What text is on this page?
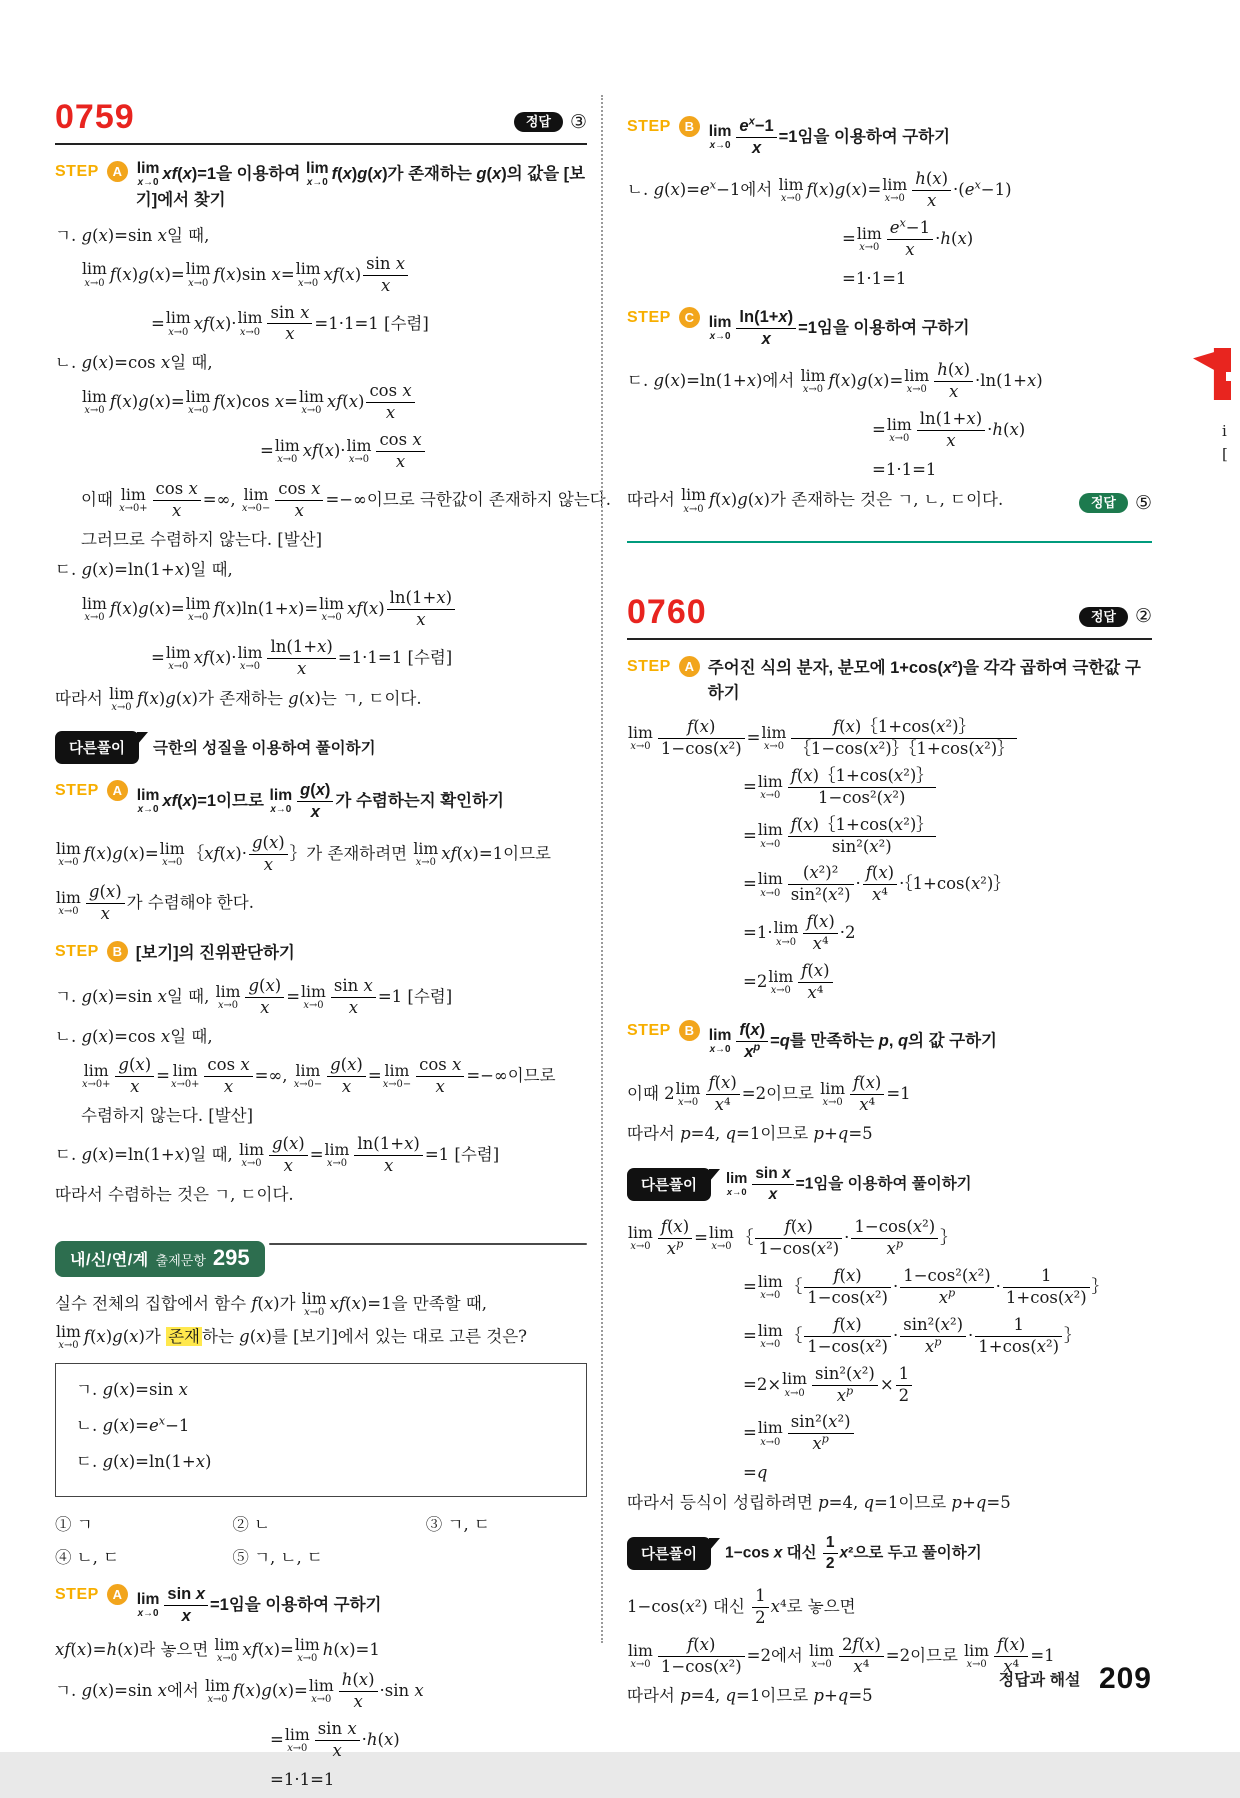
0759	정답	③
STEP	A lim
x→0 xf(x)=1을 이용하여 lim
x→0 f(x)g(x)가 존재하는 g(x)의 값을 [보기]에서 찾기
ㄱ. g(x)=sin x일 때,
lim
x→0 f(x)g(x)= lim
x→0 f(x)sin x= lim
x→0 $xf(x) \frac{\text{sin x}}{x}$
= lim
x→0 xf(x)· lim
$x\to 0 \frac{\text{sin x}}{x} =1\cdot 1=1$ [수렴]
ㄴ. g(x)=cos x일 때,
lim
x→0 f(x)g(x)= lim
x→0 f(x)cos x= lim
x→0 $xf(x) \frac{\text{cos x}}{x}$
= lim
x→0 xf(x)· lim
$x\to 0 \frac{\text{cos x}}{x}$
이때 lim
$x\to 0+ \frac{\text{cos x}}{x}$ =∞, lim
$x\to 0- \frac{\text{cos x}}{x}$ =−∞이므로 극한값이 존재하지 않는다.
그러므로 수렴하지 않는다. [발산]
ㄷ. g(x)=ln(1+x)일 때,
lim
x→0 f(x)g(x)= lim
x→0 f(x)ln(1+x)= lim
x→0 $xf(x) \frac{\ln(1+x)}{x}$
= lim
x→0 xf(x)· lim
$x\to 0 \frac{\ln(1+x)}{x} =1\cdot 1=1$ [수렴]
따라서 lim
x→0 f(x)g(x)가 존재하는 g(x)는 ㄱ, ㄷ이다.
다른풀이	극한의 성질을 이용하여 풀이하기
STEP	A lim
x→0 xf(x)=1이므로 lim
$x\to 0 \frac{g(x)}{x}$ 가 수렴하는지 확인하기
lim
x→0 f(x)g(x)= lim
x→0 ｛xf(x)· $\frac{g(x)}{x}$ ｝가 존재하려면 lim
x→0 xf(x)=1이므로
lim
$x\to 0 \frac{g(x)}{x}$ 가 수렴해야 한다.
STEP	B [보기]의 진위판단하기
ㄱ. g(x)=sin x일 때, lim
$x\to 0 \frac{g(x)}{x} = \lim$
$x\to 0 \frac{\text{sin x}}{x} =1$ [수렴]
ㄴ. g(x)=cos x일 때,
lim
$x\to 0+ \frac{g(x)}{x} = \lim$
$x\to 0+ \frac{\text{cos x}}{x}$ =∞, lim
$x\to 0- \frac{g(x)}{x} = \lim$
$x\to 0- \frac{\text{cos x}}{x}$ =−∞이므로
수렴하지 않는다. [발산]
ㄷ. g(x)=ln(1+x)일 때, lim
$x\to 0 \frac{g(x)}{x} = \lim$
$x\to 0 \frac{\ln(1+x)}{x} =1$ [수렴]
따라서 수렴하는 것은 ㄱ, ㄷ이다.
내/신/연/계 출제문항 295
실수 전체의 집합에서 함수 f(x)가 lim
x→0 xf(x)=1을 만족할 때,
lim
x→0 f(x)g(x)가 존재 하는 g(x)를 [보기]에서 있는 대로 고른 것은?
ㄱ. g(x)=sin x
ㄴ. $g(x)=e^x-1$
ㄷ. g(x)=ln(1+x)
① ㄱ	② ㄴ	③ ㄱ, ㄷ
④ ㄴ, ㄷ	⑤ ㄱ, ㄴ, ㄷ
STEP	A lim
$x\to 0 \frac{\text{sin x}}{x} =1$임을 이용하여 구하기
xf(x)=h(x)라 놓으면 lim
x→0 xf(x)= lim
x→0 h(x)=1
ㄱ. g(x)=sin x에서 lim
x→0 f(x)g(x)= lim
$x\to 0 \frac{h(x)}{x} \cdot\sin$ x
= lim
$x\to 0 \frac{\text{sin x}}{x} \cdot h(x)$
=1·1=1
STEP	B lim
$x\to 0 \frac{e^x-1}{x} =1$임을 이용하여 구하기
ㄴ. $g(x)=e^x-1$에서 lim
x→0 f(x)g(x)= lim
$x\to 0 \frac{h(x)}{x} \cdot(e^x-1)$
= lim
$x\to 0 \frac{e^x-1}{x} \cdot h(x)$
=1·1=1
STEP	C lim
$x\to 0 \frac{\ln(1+x)}{x} =1$임을 이용하여 구하기
ㄷ. g(x)=ln(1+x)에서 lim
x→0 f(x)g(x)= lim
$x\to 0 \frac{h(x)}{x} \cdot\ln(1+x)$
= lim
$x\to 0 \frac{\ln(1+x)}{x} \cdot h(x)$
=1·1=1
따라서 lim
x→0 f(x)g(x)가 존재하는 것은 ㄱ, ㄴ, ㄷ이다.	정답	⑤
0760	정답	②
STEP	A 주어진 식의 분자, 분모에 1+cos(x²)을 각각 곱하여 극한값 구하기
lim
$x\to 0 \frac{f(x)}{\text{1−cos(x²)}} = \lim$
$x\to 0 \frac{\text{f(x)｛1+cos(x²)｝}}{\text{｛1−cos(x²)｝｛1+cos(x²)｝}}$
= lim
$x\to 0 \frac{\text{f(x)｛1+cos(x²)｝}}{\text{1−cos²(x²)}}$
= lim
$x\to 0 \frac{\text{f(x)｛1+cos(x²)｝}}{\text{sin²(x²)}}$
= lim
$x\to 0 \frac{\text{(x²)²}}{\text{sin²(x²)}} \cdot \frac{f(x)}{\text{x⁴}}$ ·｛1+cos(x²)｝
=1· lim
$x\to 0 \frac{f(x)}{\text{x⁴}} \cdot 2$
=2 lim
$x\to 0 \frac{f(x)}{\text{x⁴}}$
STEP	B lim
$x\to 0 \frac{f(x)}{x^p} =q$를 만족하는 p, q의 값 구하기
이때 2 lim
$x\to 0 \frac{f(x)}{\text{x⁴}} =2$이므로 lim
$x\to 0 \frac{f(x)}{\text{x⁴}} =1$
따라서 p=4, q=1이므로 p+q=5
다른풀이	lim
$x\to 0 \frac{\text{sin x}}{x} =1$임을 이용하여 풀이하기
lim
$x\to 0 \frac{f(x)}{x^p} = \lim$
x→0 ｛ $\frac{f(x)}{\text{1−cos(x²)}} \cdot \frac{\text{1−cos(x²)}}{x^p}$ ｝
= lim
x→0 ｛ $\frac{f(x)}{\text{1−cos(x²)}} \cdot \frac{\text{1−cos²(x²)}}{x^p} \cdot \frac{1}{\text{1+cos(x²)}}$ ｝
= lim
x→0 ｛ $\frac{f(x)}{\text{1−cos(x²)}} \cdot \frac{\text{sin²(x²)}}{x^p} \cdot \frac{1}{\text{1+cos(x²)}}$ ｝
=2× lim
$x\to 0 \frac{\text{sin²(x²)}}{x^p} \times \frac{1}{2}$
= lim
$x\to 0 \frac{\text{sin²(x²)}}{x^p}$
=q
따라서 등식이 성립하려면 p=4, q=1이므로 p+q=5
다른풀이	1−cos x 대신 $\frac{1}{2} x^2$으로 두고 풀이하기
1−cos(x²) 대신 $\frac{1}{2} x^4$로 놓으면
lim
$x\to 0 \frac{f(x)}{\text{1−cos(x²)}} =2$에서 lim
$x\to 0 \frac{2f(x)}{\text{x⁴}} =2$이므로 lim
$x\to 0 \frac{f(x)}{\text{x⁴}} =1$
따라서 p=4, q=1이므로 p+q=5
i
[
정답과 해설 209
